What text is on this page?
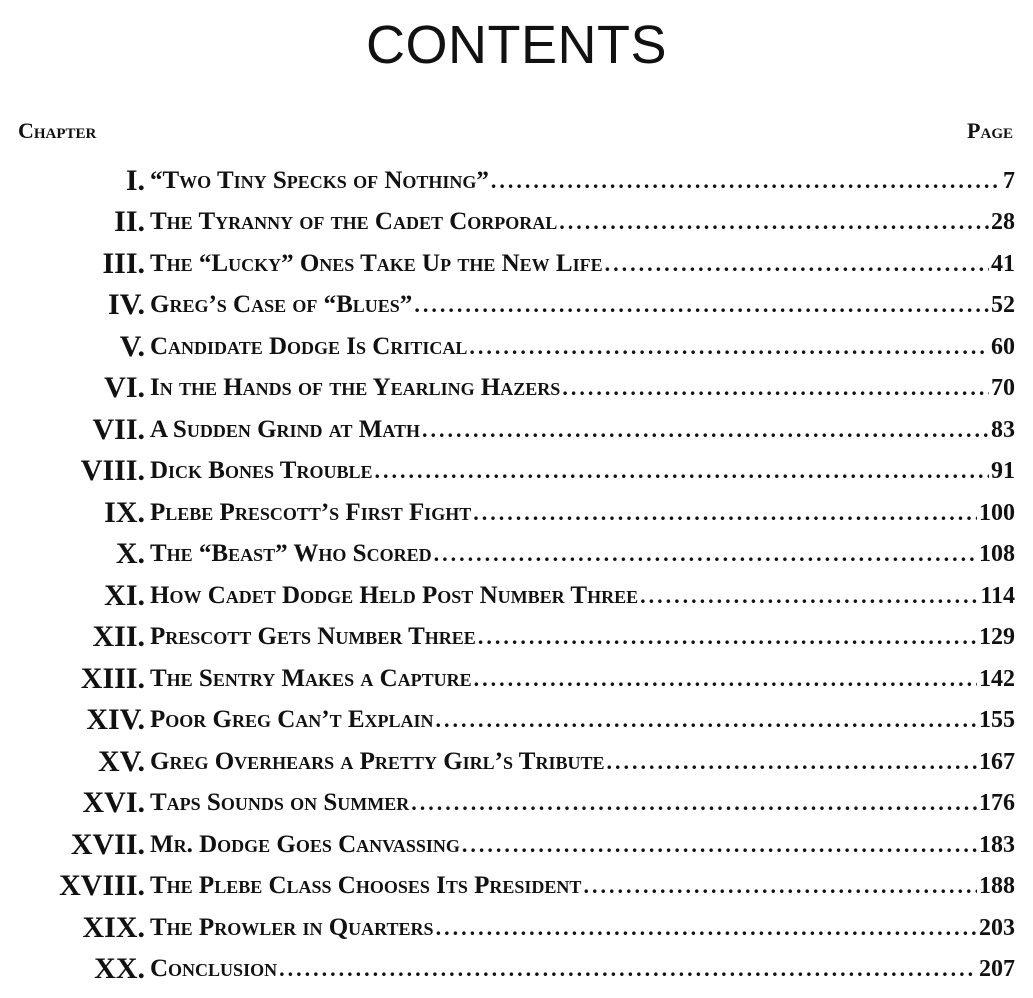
CONTENTS
Chapter	Page
I. “Two Tiny Specks of Nothing” .....	7
II. The Tyranny of the Cadet Corporal .....	28
III. The “Lucky” Ones Take Up the New Life .....	41
IV. Greg’s Case of “Blues” .....	52
V. Candidate Dodge Is Critical .....	60
VI. In the Hands of the Yearling Hazers .....	70
VII. A Sudden Grind at Math .....	83
VIII. Dick Bones Trouble .....	91
IX. Plebe Prescott’s First Fight .....	100
X. The “Beast” Who Scored .....	108
XI. How Cadet Dodge Held Post Number Three .....	114
XII. Prescott Gets Number Three .....	129
XIII. The Sentry Makes a Capture .....	142
XIV. Poor Greg Can’t Explain .....	155
XV. Greg Overhears a Pretty Girl’s Tribute .....	167
XVI. Taps Sounds on Summer .....	176
XVII. Mr. Dodge Goes Canvassing .....	183
XVIII. The Plebe Class Chooses Its President .....	188
XIX. The Prowler in Quarters .....	203
XX. Conclusion .....	207
